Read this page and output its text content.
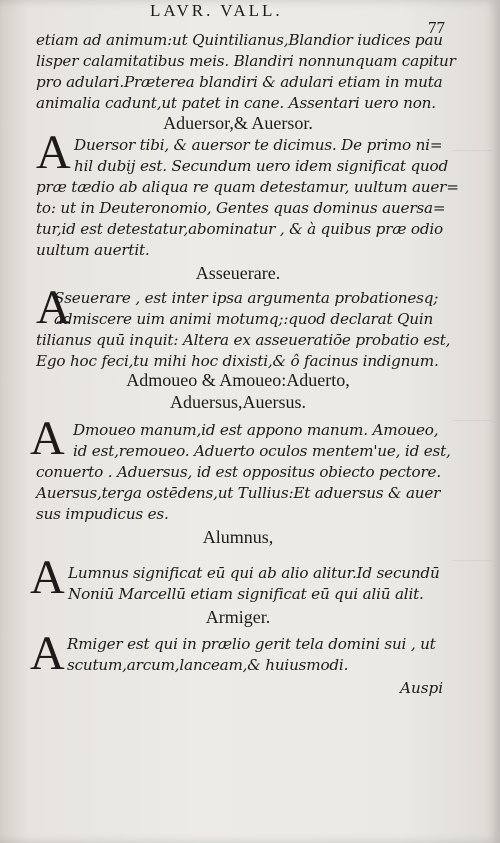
LAVR. VALL.
77
etiam ad animum:ut Quintilianus,Blandior iudices pau
lisper calamitatibus meis. Blandiri nonnunquam capitur
pro adulari.Præterea blandiri & adulari etiam in muta
animalia cadunt,ut patet in cane. Assentari uero non.
Aduersor,& Auersor.
A Duersor tibi, & auersor te dicimus. De primo ni=
hil dubij est. Secundum uero idem significat quod
præ tædio ab aliqua re quam detestamur, uultum auer=
to: ut in Deuteronomio, Gentes quas dominus auersa=
tur,id est detestatur,abominatur , & à quibus præ odio
uultum auertit.
Asseuerare.
A
Sseuerare , est inter ipsa argumenta probationesq;
admiscere uim animi motumq;:quod declarat Quin
tilianus quū inquit: Altera ex asseueratiōe probatio est,
Ego hoc feci,tu mihi hoc dixisti,& ô facinus indignum.
Admoueo & Amoueo:Aduerto,
Aduersus,Auersus.
A Dmoueo manum,id est appono manum. Amoueo,
id est,remoueo. Aduerto oculos mentem'ue, id est,
conuerto . Aduersus, id est oppositus obiecto pectore.
Auersus,terga ostēdens,ut Tullius:Et aduersus & auer
sus impudicus es.
Alumnus,
A Lumnus significat eū qui ab alio alitur.Id secundū
Noniū Marcellū etiam significat eū qui aliū alit.
Armiger.
A Rmiger est qui in prælio gerit tela domini sui , ut
scutum,arcum,lanceam,& huiusmodi.
Auspi
